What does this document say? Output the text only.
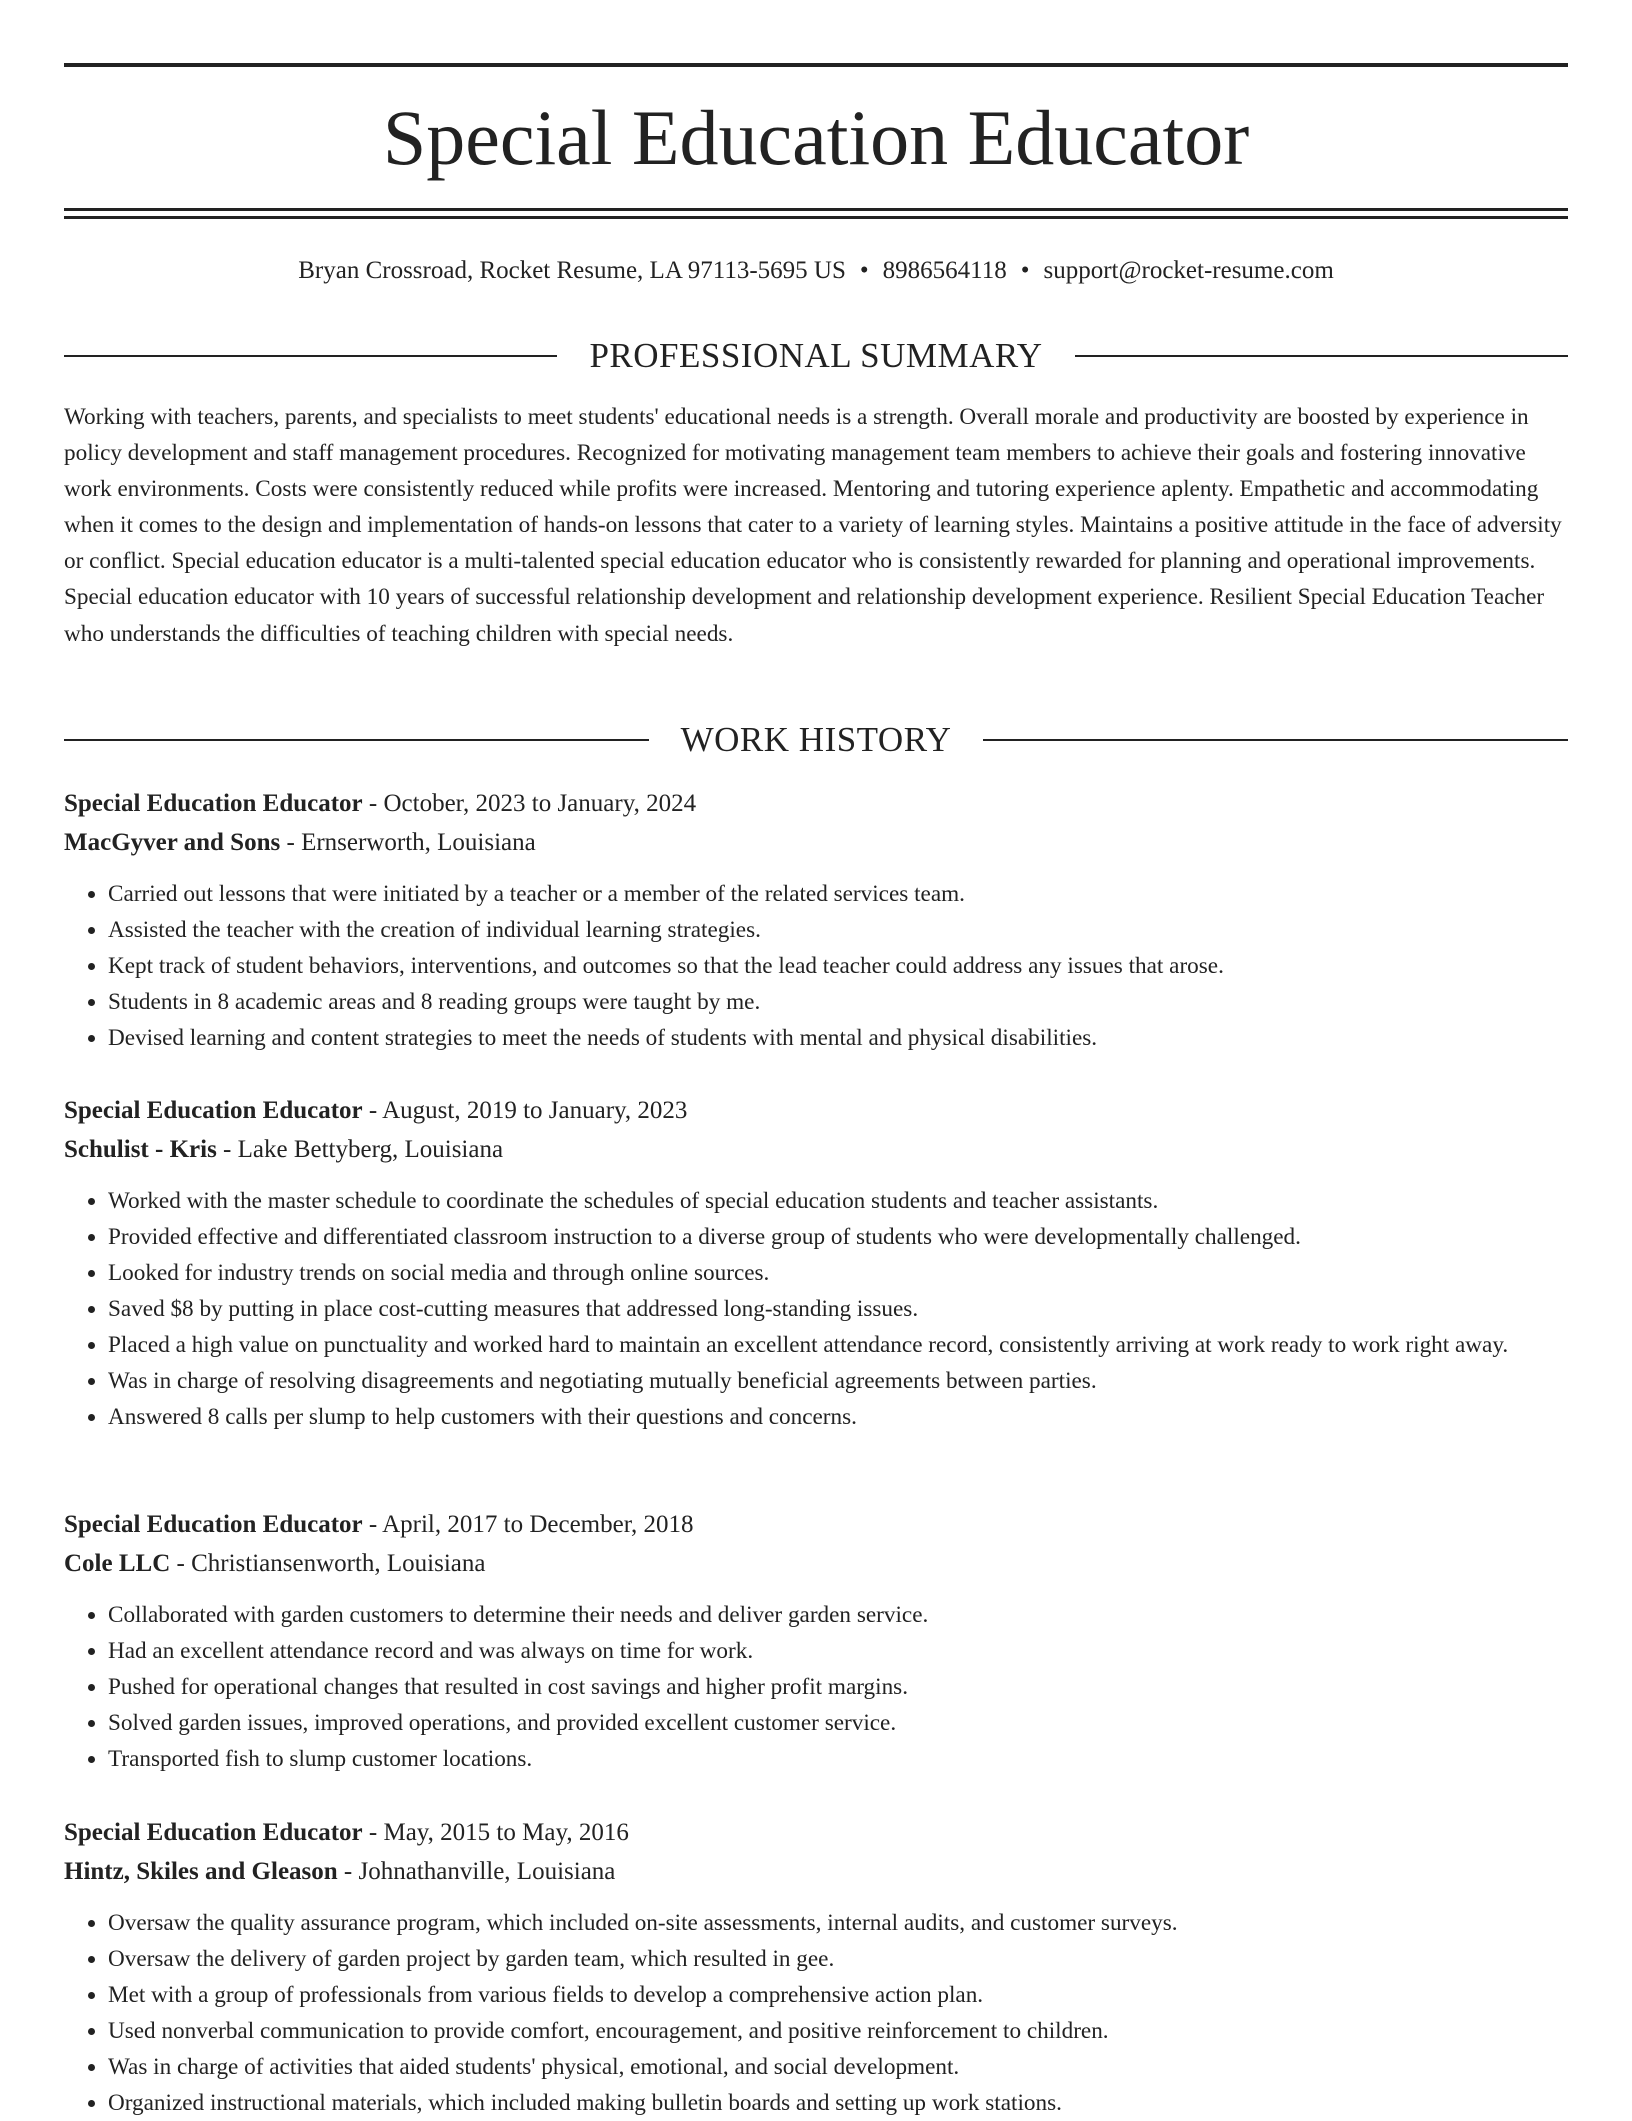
Special Education Educator
Bryan Crossroad, Rocket Resume, LA 97113-5695 US • 8986564118 • support@rocket-resume.com
PROFESSIONAL SUMMARY

Working with teachers, parents, and specialists to meet students' educational needs is a strength. Overall morale and productivity are boosted by experience in policy development and staff management procedures. Recognized for motivating management team members to achieve their goals and fostering innovative work environments. Costs were consistently reduced while profits were increased. Mentoring and tutoring experience aplenty. Empathetic and accommodating when it comes to the design and implementation of hands-on lessons that cater to a variety of learning styles. Maintains a positive attitude in the face of adversity or conflict. Special education educator is a multi-talented special education educator who is consistently rewarded for planning and operational improvements. Special education educator with 10 years of successful relationship development and relationship development experience. Resilient Special Education Teacher who understands the difficulties of teaching children with special needs.

WORK HISTORY
Special Education Educator - October, 2023 to January, 2024
MacGyver and Sons - Ernserworth, Louisiana
• Carried out lessons that were initiated by a teacher or a member of the related services team.
• Assisted the teacher with the creation of individual learning strategies.
• Kept track of student behaviors, interventions, and outcomes so that the lead teacher could address any issues that arose.
• Students in 8 academic areas and 8 reading groups were taught by me.
• Devised learning and content strategies to meet the needs of students with mental and physical disabilities.
Special Education Educator - August, 2019 to January, 2023
Schulist - Kris - Lake Bettyberg, Louisiana
• Worked with the master schedule to coordinate the schedules of special education students and teacher assistants.
• Provided effective and differentiated classroom instruction to a diverse group of students who were developmentally challenged.
• Looked for industry trends on social media and through online sources.
• Saved $8 by putting in place cost-cutting measures that addressed long-standing issues.
• Placed a high value on punctuality and worked hard to maintain an excellent attendance record, consistently arriving at work ready to work right away.
• Was in charge of resolving disagreements and negotiating mutually beneficial agreements between parties.
• Answered 8 calls per slump to help customers with their questions and concerns.
Special Education Educator - April, 2017 to December, 2018
Cole LLC - Christiansenworth, Louisiana
• Collaborated with garden customers to determine their needs and deliver garden service.
• Had an excellent attendance record and was always on time for work.
• Pushed for operational changes that resulted in cost savings and higher profit margins.
• Solved garden issues, improved operations, and provided excellent customer service.
• Transported fish to slump customer locations.
Special Education Educator - May, 2015 to May, 2016
Hintz, Skiles and Gleason - Johnathanville, Louisiana
• Oversaw the quality assurance program, which included on-site assessments, internal audits, and customer surveys.
• Oversaw the delivery of garden project by garden team, which resulted in gee.
• Met with a group of professionals from various fields to develop a comprehensive action plan.
• Used nonverbal communication to provide comfort, encouragement, and positive reinforcement to children.
• Was in charge of activities that aided students' physical, emotional, and social development.
• Organized instructional materials, which included making bulletin boards and setting up work stations.
